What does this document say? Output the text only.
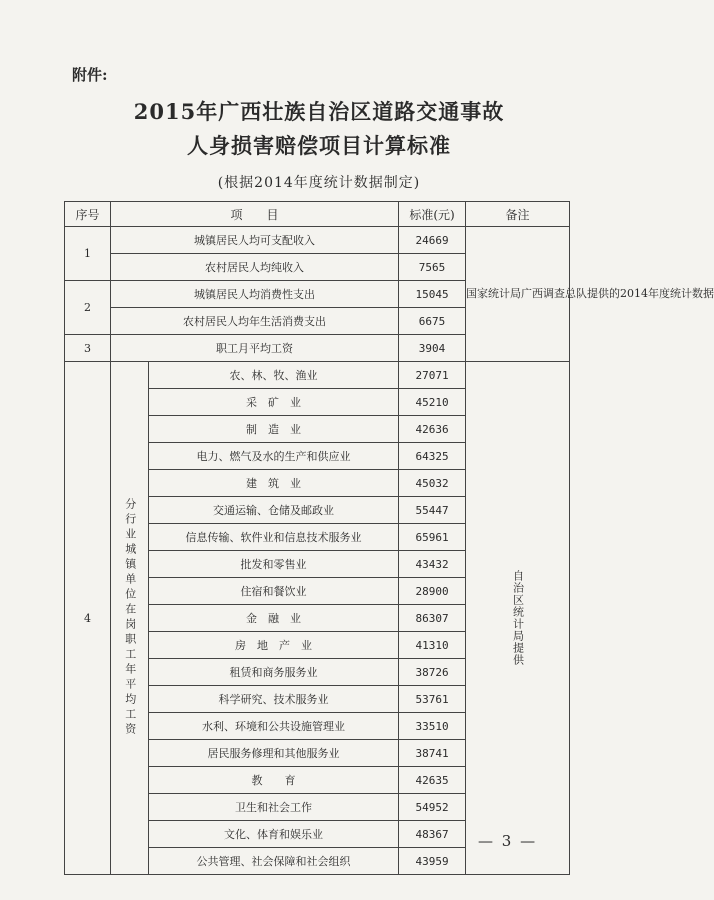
附件:
2015年广西壮族自治区道路交通事故
人身损害赔偿项目计算标准
(根据2014年度统计数据制定)
序号	项　　目		标准(元)	备注
1	城镇居民人均可支配收入		24669	国家统计局广西调查总队提供的2014年度统计数据
	农村居民人均纯收入		7565	
2	城镇居民人均消费性支出		15045	
	农村居民人均年生活消费支出		6675	
3	职工月平均工资		3904	
4	分行业城镇单位在岗职工年平均工资	农、林、牧、渔业	27071	自治区统计局提供
		采　矿　业	45210	
		制　造　业	42636	
		电力、燃气及水的生产和供应业	64325	
		建　筑　业	45032	
		交通运输、仓储及邮政业	55447	
		信息传输、软件业和信息技术服务业	65961	
		批发和零售业	43432	
		住宿和餐饮业	28900	
		金　融　业	86307	
		房　地　产　业	41310	
		租赁和商务服务业	38726	
		科学研究、技术服务业	53761	
		水利、环境和公共设施管理业	33510	
		居民服务修理和其他服务业	38741	
		教　　育	42635	
		卫生和社会工作	54952	
		文化、体育和娱乐业	48367	
		公共管理、社会保障和社会组织	43959	
— 3 —
